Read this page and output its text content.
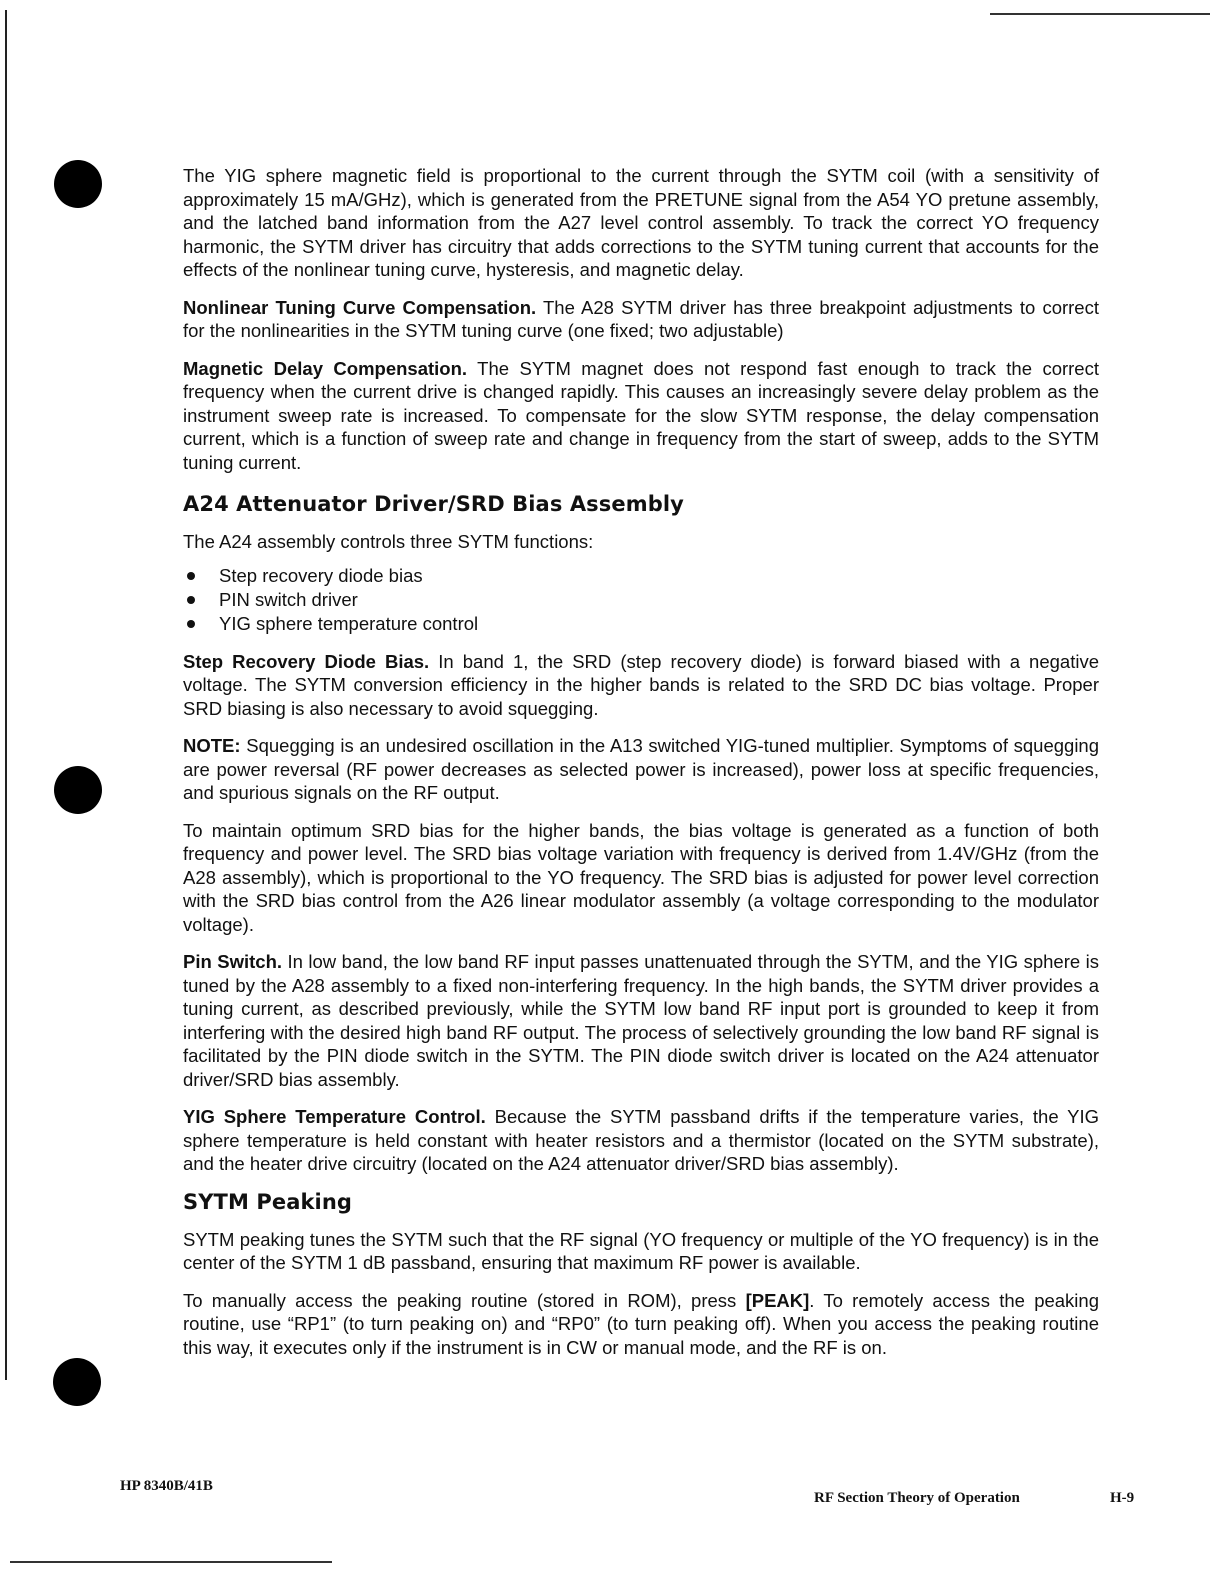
The YIG sphere magnetic field is proportional to the current through the SYTM coil (with a sensitivity of approximately 15 mA/GHz), which is generated from the PRETUNE signal from the A54 YO pretune assembly, and the latched band information from the A27 level control assembly. To track the correct YO frequency harmonic, the SYTM driver has circuitry that adds corrections to the SYTM tuning current that accounts for the effects of the nonlinear tuning curve, hysteresis, and magnetic delay.

Nonlinear Tuning Curve Compensation. The A28 SYTM driver has three breakpoint adjustments to correct for the nonlinearities in the SYTM tuning curve (one fixed; two adjustable)

Magnetic Delay Compensation. The SYTM magnet does not respond fast enough to track the correct frequency when the current drive is changed rapidly. This causes an increasingly severe delay problem as the instrument sweep rate is increased. To compensate for the slow SYTM response, the delay compensation current, which is a function of sweep rate and change in frequency from the start of sweep, adds to the SYTM tuning current.

A24 Attenuator Driver/SRD Bias Assembly

The A24 assembly controls three SYTM functions:

Step recovery diode bias
PIN switch driver
YIG sphere temperature control

Step Recovery Diode Bias. In band 1, the SRD (step recovery diode) is forward biased with a negative voltage. The SYTM conversion efficiency in the higher bands is related to the SRD DC bias voltage. Proper SRD biasing is also necessary to avoid squegging.

NOTE: Squegging is an undesired oscillation in the A13 switched YIG-tuned multiplier. Symptoms of squegging are power reversal (RF power decreases as selected power is increased), power loss at specific frequencies, and spurious signals on the RF output.

To maintain optimum SRD bias for the higher bands, the bias voltage is generated as a function of both frequency and power level. The SRD bias voltage variation with frequency is derived from 1.4V/GHz (from the A28 assembly), which is proportional to the YO frequency. The SRD bias is adjusted for power level correction with the SRD bias control from the A26 linear modulator assembly (a voltage corresponding to the modulator voltage).

Pin Switch. In low band, the low band RF input passes unattenuated through the SYTM, and the YIG sphere is tuned by the A28 assembly to a fixed non-interfering frequency. In the high bands, the SYTM driver provides a tuning current, as described previously, while the SYTM low band RF input port is grounded to keep it from interfering with the desired high band RF output. The process of selectively grounding the low band RF signal is facilitated by the PIN diode switch in the SYTM. The PIN diode switch driver is located on the A24 attenuator driver/SRD bias assembly.

YIG Sphere Temperature Control. Because the SYTM passband drifts if the temperature varies, the YIG sphere temperature is held constant with heater resistors and a thermistor (located on the SYTM substrate), and the heater drive circuitry (located on the A24 attenuator driver/SRD bias assembly).

SYTM Peaking

SYTM peaking tunes the SYTM such that the RF signal (YO frequency or multiple of the YO frequency) is in the center of the SYTM 1 dB passband, ensuring that maximum RF power is available.

To manually access the peaking routine (stored in ROM), press [PEAK]. To remotely access the peaking routine, use “RP1” (to turn peaking on) and “RP0” (to turn peaking off). When you access the peaking routine this way, it executes only if the instrument is in CW or manual mode, and the RF is on.

HP 8340B/41B
RF Section Theory of Operation	H-9
